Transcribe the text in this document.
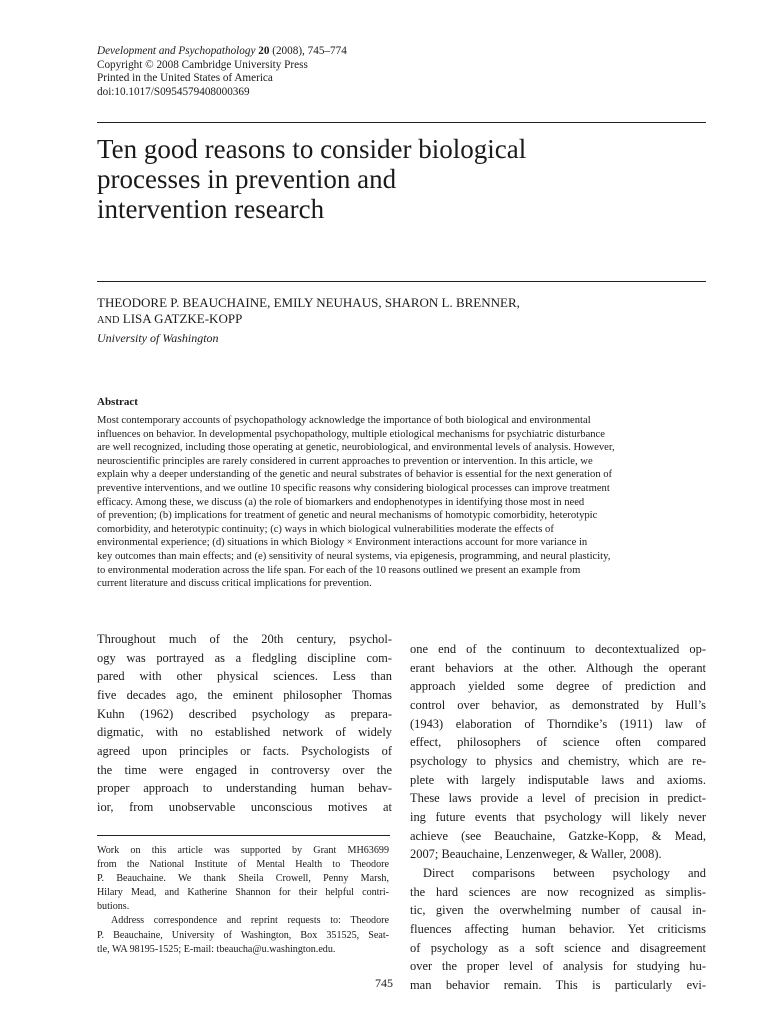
Development and Psychopathology 20 (2008), 745–774
Copyright © 2008 Cambridge University Press
Printed in the United States of America
doi:10.1017/S0954579408000369
Ten good reasons to consider biological
processes in prevention and
intervention research
THEODORE P. BEAUCHAINE, EMILY NEUHAUS, SHARON L. BRENNER,
AND LISA GATZKE-KOPP
University of Washington
Abstract
Most contemporary accounts of psychopathology acknowledge the importance of both biological and environmental
influences on behavior. In developmental psychopathology, multiple etiological mechanisms for psychiatric disturbance
are well recognized, including those operating at genetic, neurobiological, and environmental levels of analysis. However,
neuroscientific principles are rarely considered in current approaches to prevention or intervention. In this article, we
explain why a deeper understanding of the genetic and neural substrates of behavior is essential for the next generation of
preventive interventions, and we outline 10 specific reasons why considering biological processes can improve treatment
efficacy. Among these, we discuss (a) the role of biomarkers and endophenotypes in identifying those most in need
of prevention; (b) implications for treatment of genetic and neural mechanisms of homotypic comorbidity, heterotypic
comorbidity, and heterotypic continuity; (c) ways in which biological vulnerabilities moderate the effects of
environmental experience; (d) situations in which Biology × Environment interactions account for more variance in
key outcomes than main effects; and (e) sensitivity of neural systems, via epigenesis, programming, and neural plasticity,
to environmental moderation across the life span. For each of the 10 reasons outlined we present an example from
current literature and discuss critical implications for prevention.
Throughout much of the 20th century, psychol-
ogy was portrayed as a fledgling discipline com-
pared with other physical sciences. Less than
five decades ago, the eminent philosopher Thomas
Kuhn (1962) described psychology as prepara-
digmatic, with no established network of widely
agreed upon principles or facts. Psychologists of
the time were engaged in controversy over the
proper approach to understanding human behav-
ior, from unobservable unconscious motives at
Work on this article was supported by Grant MH63699
from the National Institute of Mental Health to Theodore
P. Beauchaine. We thank Sheila Crowell, Penny Marsh,
Hilary Mead, and Katherine Shannon for their helpful contri-
butions.
Address correspondence and reprint requests to: Theodore
P. Beauchaine, University of Washington, Box 351525, Seat-
tle, WA 98195-1525; E-mail: tbeaucha@u.washington.edu.
one end of the continuum to decontextualized op-
erant behaviors at the other. Although the operant
approach yielded some degree of prediction and
control over behavior, as demonstrated by Hull’s
(1943) elaboration of Thorndike’s (1911) law of
effect, philosophers of science often compared
psychology to physics and chemistry, which are re-
plete with largely indisputable laws and axioms.
These laws provide a level of precision in predict-
ing future events that psychology will likely never
achieve (see Beauchaine, Gatzke-Kopp, & Mead,
2007; Beauchaine, Lenzenweger, & Waller, 2008).
Direct comparisons between psychology and
the hard sciences are now recognized as simplis-
tic, given the overwhelming number of causal in-
fluences affecting human behavior. Yet criticisms
of psychology as a soft science and disagreement
over the proper level of analysis for studying hu-
man behavior remain. This is particularly evi-
745
